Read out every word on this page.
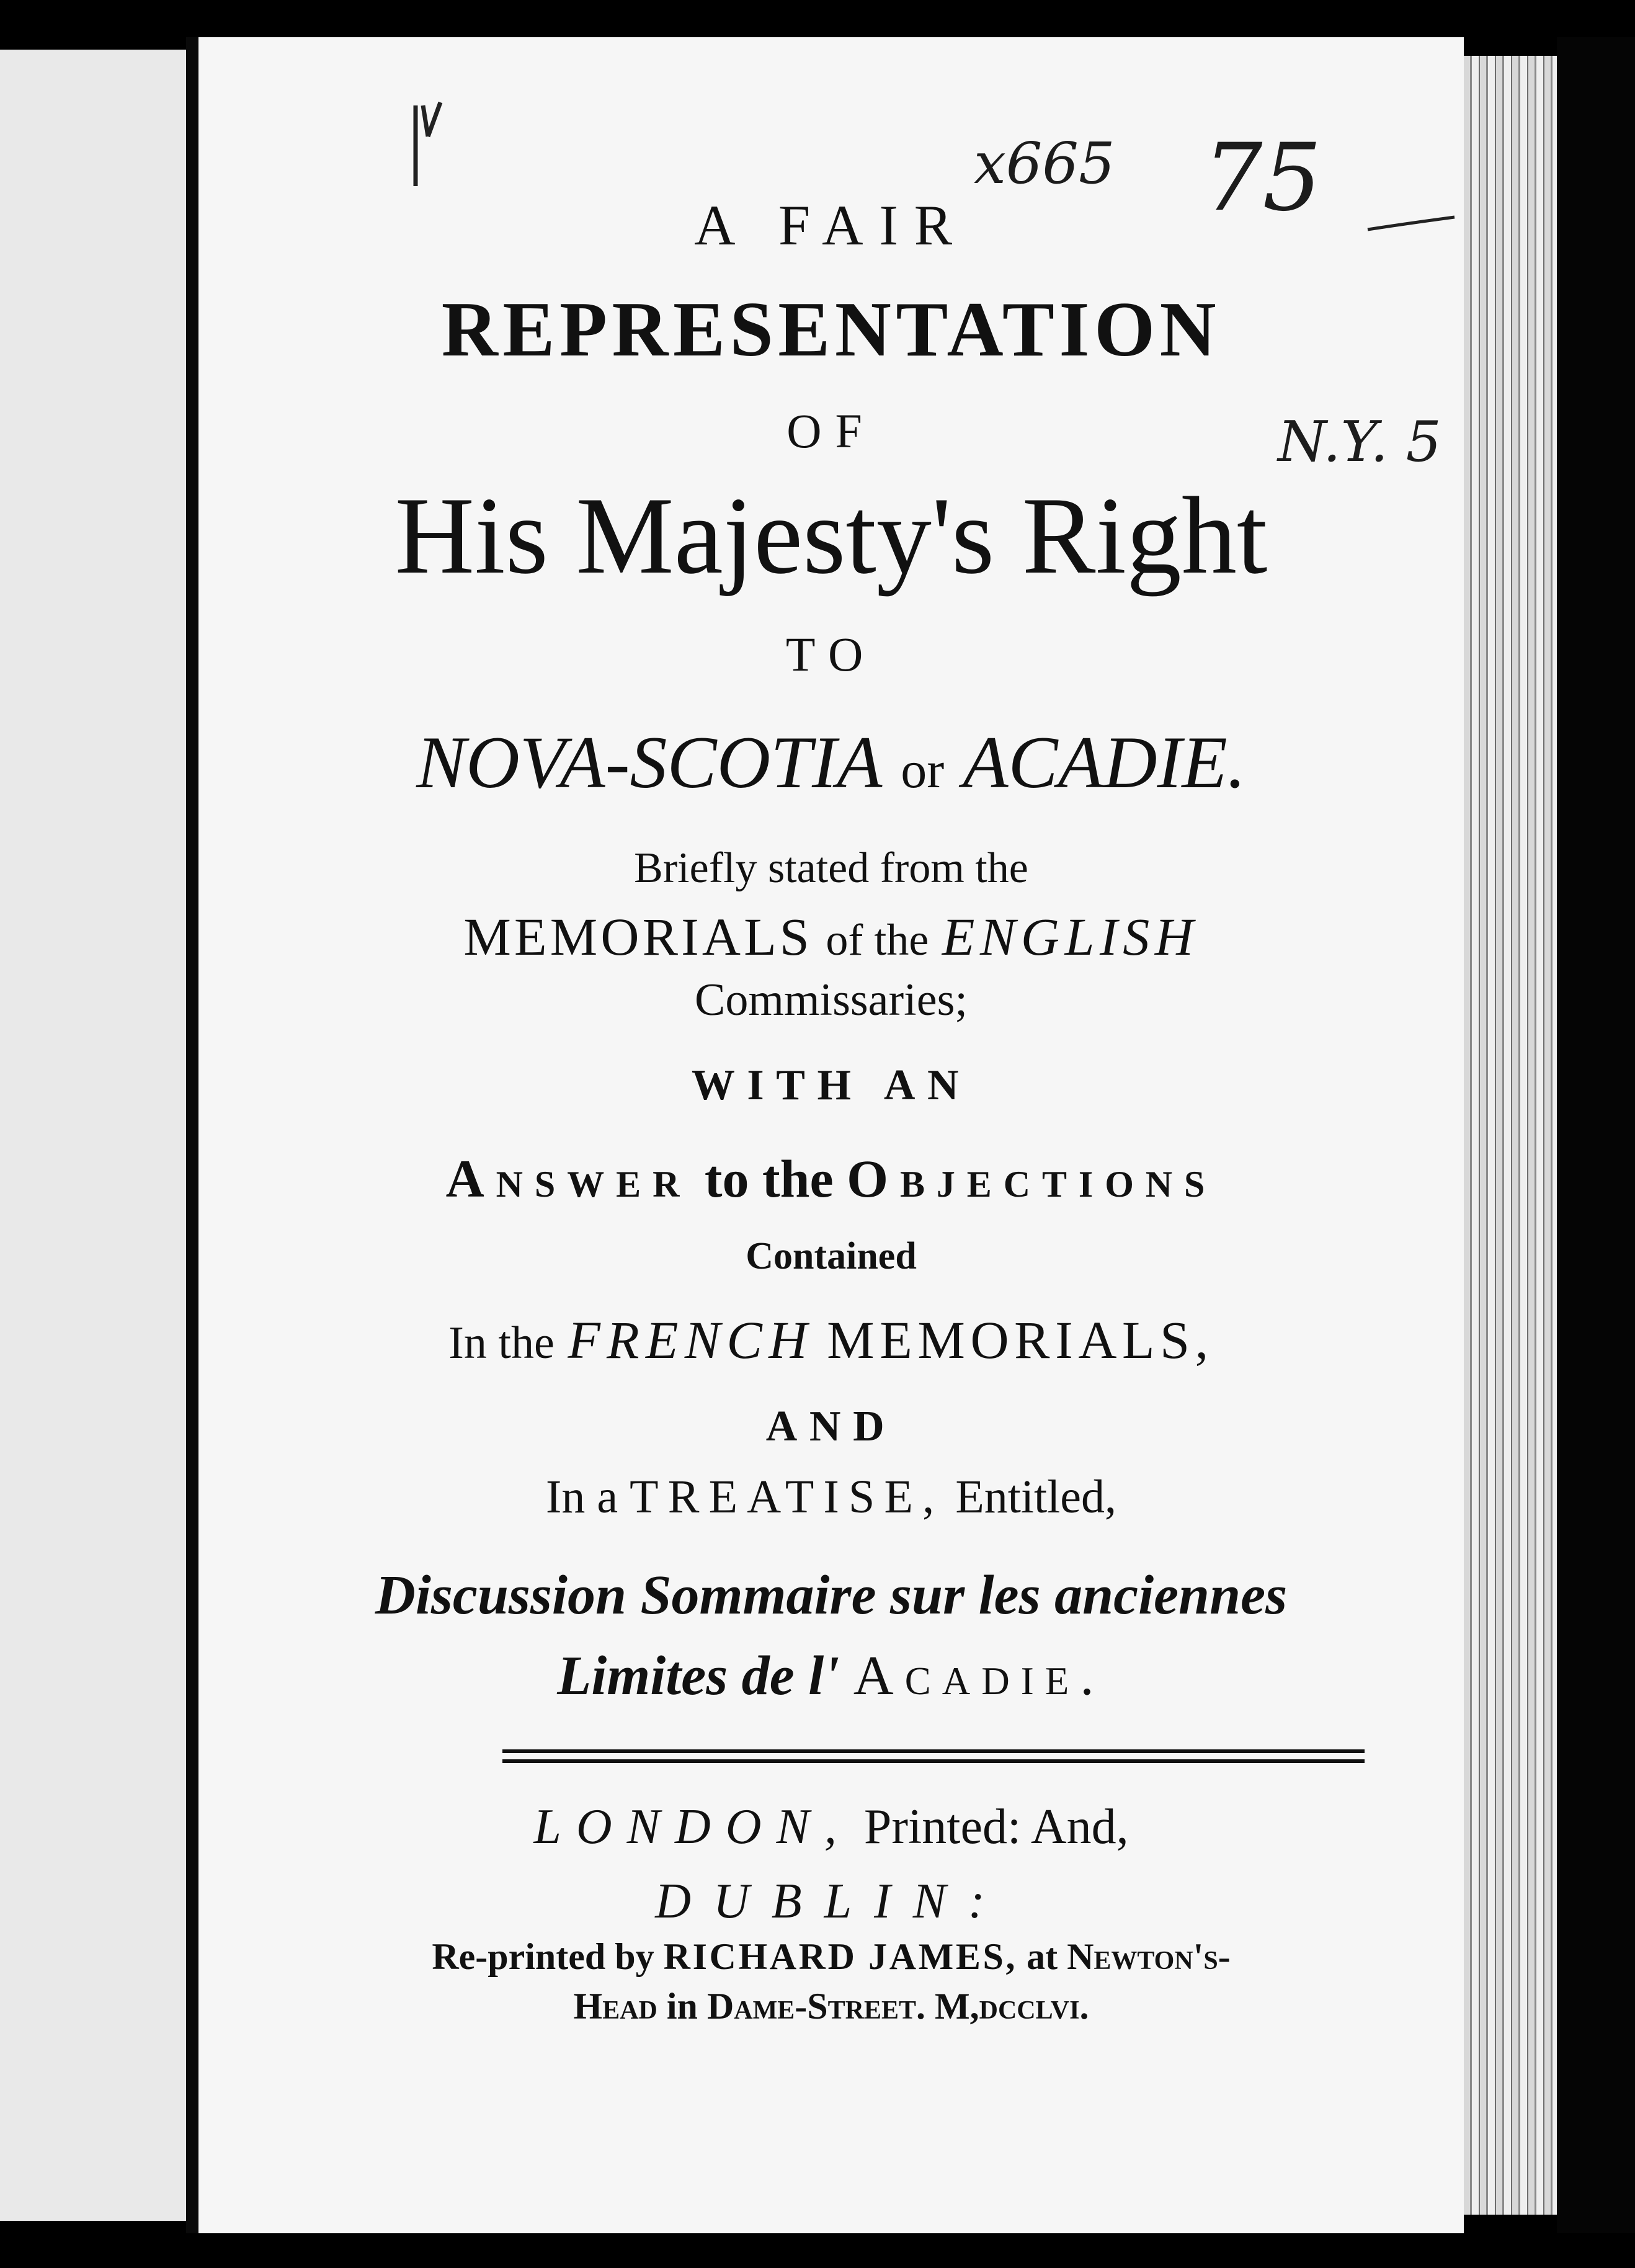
x665 75
N.Y. 5
A FAIR
REPRESENTATION
OF
His Majesty's Right
TO
NOVA-SCOTIA or ACADIE.
Briefly stated from the
MEMORIALS of the ENGLISH
Commissaries;
WITH AN
Answer to the Objections
Contained
In the FRENCH MEMORIALS,
AND
In a TREATISE, Entitled,
Discussion Sommaire sur les anciennes
Limites de l' Acadie.
LONDON, Printed: And,
DUBLIN:
Re-printed by RICHARD JAMES, at Newton's-
Head in Dame-Street. M,dcclvi.
